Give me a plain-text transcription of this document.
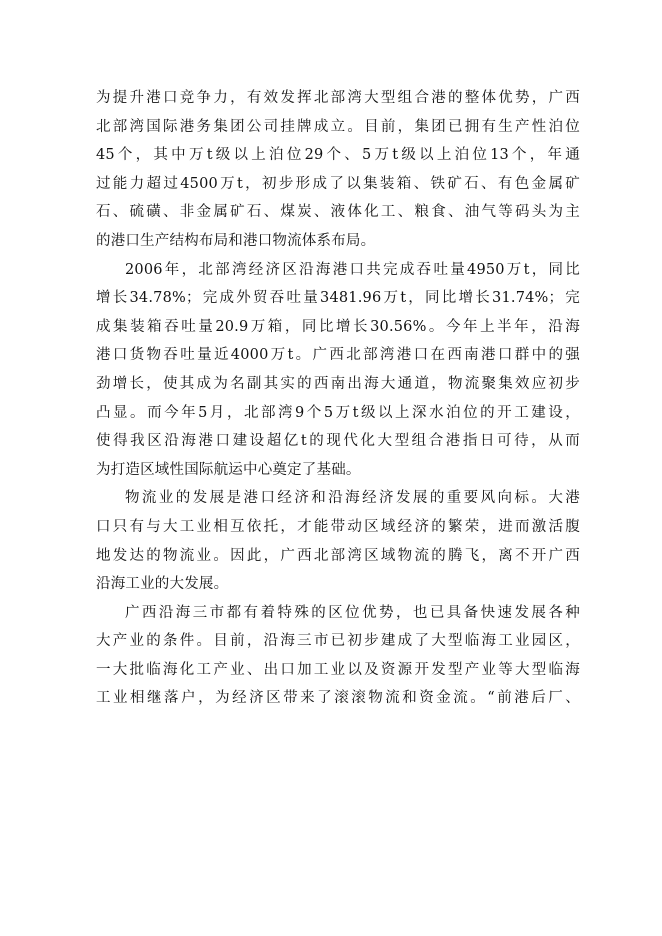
为提升港口竞争力，有效发挥北部湾大型组合港的整体优势，广西
北部湾国际港务集团公司挂牌成立。目前，集团已拥有生产性泊位
45个，其中万t级以上泊位29个、5万t级以上泊位13个，年通
过能力超过4500万t，初步形成了以集装箱、铁矿石、有色金属矿
石、硫磺、非金属矿石、煤炭、液体化工、粮食、油气等码头为主
的港口生产结构布局和港口物流体系布局。
2006年，北部湾经济区沿海港口共完成吞吐量4950万t，同比
增长34.78%；完成外贸吞吐量3481.96万t，同比增长31.74%；完
成集装箱吞吐量20.9万箱，同比增长30.56%。今年上半年，沿海
港口货物吞吐量近4000万t。广西北部湾港口在西南港口群中的强
劲增长，使其成为名副其实的西南出海大通道，物流聚集效应初步
凸显。而今年5月，北部湾9个5万t级以上深水泊位的开工建设，
使得我区沿海港口建设超亿t的现代化大型组合港指日可待，从而
为打造区域性国际航运中心奠定了基础。
物流业的发展是港口经济和沿海经济发展的重要风向标。大港
口只有与大工业相互依托，才能带动区域经济的繁荣，进而激活腹
地发达的物流业。因此，广西北部湾区域物流的腾飞，离不开广西
沿海工业的大发展。
广西沿海三市都有着特殊的区位优势，也已具备快速发展各种
大产业的条件。目前，沿海三市已初步建成了大型临海工业园区，
一大批临海化工产业、出口加工业以及资源开发型产业等大型临海
工业相继落户，为经济区带来了滚滚物流和资金流。“前港后厂、
